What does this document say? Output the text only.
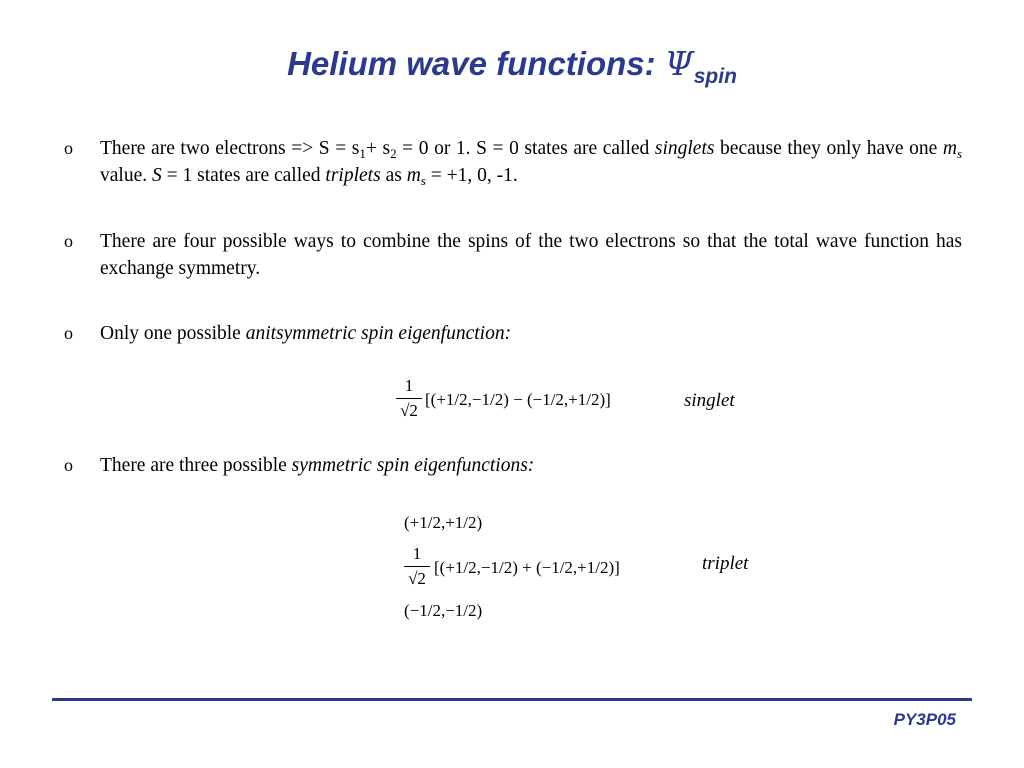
Helium wave functions: $\Psi_{spin}$
o There are two electrons => $S = s_1+ s_2 = 0$ or 1. S = 0 states are called singlets because they only have one $m_s$ value. S = 1 states are called triplets as $m_s = +1$, 0, -1.
o There are four possible ways to combine the spins of the two electrons so that the total wave function has exchange symmetry.
o Only one possible anitsymmetric spin eigenfunction:
1
√2
[(+1/2,−1/2) − (−1/2,+1/2)]	singlet
o There are three possible symmetric spin eigenfunctions:
(+1/2,+1/2)
1
√2
[(+1/2,−1/2) + (−1/2,+1/2)]	triplet
(−1/2,−1/2)
PY3P05
